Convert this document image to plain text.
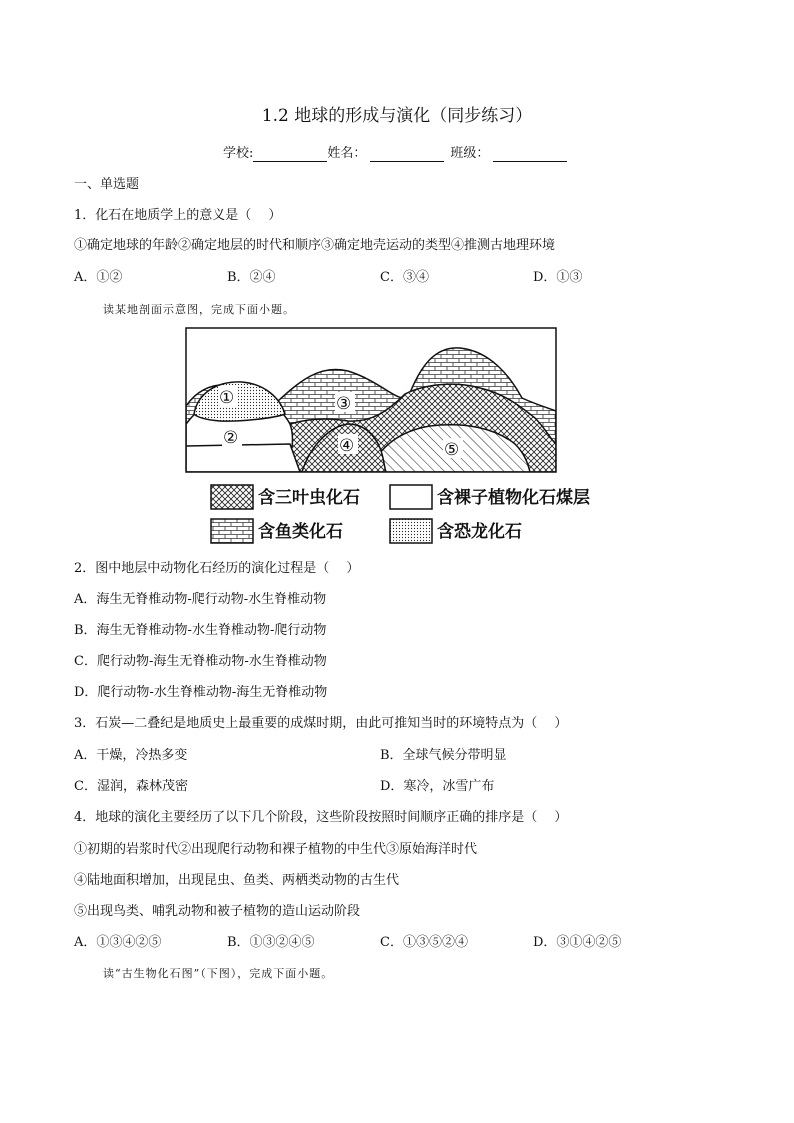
1.2 地球的形成与演化（同步练习）
学校:	姓名：	班级：
一、单选题
1．化石在地质学上的意义是（　 ）
①确定地球的年龄②确定地层的时代和顺序③确定地壳运动的类型④推测古地理环境
A．①②	B．②④	C．③④	D．①③
读某地剖面示意图，完成下面小题。
①
②
③
④	⑤
含三叶虫化石	含裸子植物化石煤层
含鱼类化石	含恐龙化石
2．图中地层中动物化石经历的演化过程是（　 ）
A．海生无脊椎动物-爬行动物-水生脊椎动物
B．海生无脊椎动物-水生脊椎动物-爬行动物
C．爬行动物-海生无脊椎动物-水生脊椎动物
D．爬行动物-水生脊椎动物-海生无脊椎动物
3．石炭—二叠纪是地质史上最重要的成煤时期，由此可推知当时的环境特点为（　 ）
A．干燥，冷热多变	B．全球气候分带明显
C．湿润，森林茂密	D．寒冷，冰雪广布
4．地球的演化主要经历了以下几个阶段，这些阶段按照时间顺序正确的排序是（　 ）
①初期的岩浆时代②出现爬行动物和裸子植物的中生代③原始海洋时代
④陆地面积增加，出现昆虫、鱼类、两栖类动物的古生代
⑤出现鸟类、哺乳动物和被子植物的造山运动阶段
A．①③④②⑤	B．①③②④⑤	C．①③⑤②④	D．③①④②⑤
读“古生物化石图”（下图），完成下面小题。
